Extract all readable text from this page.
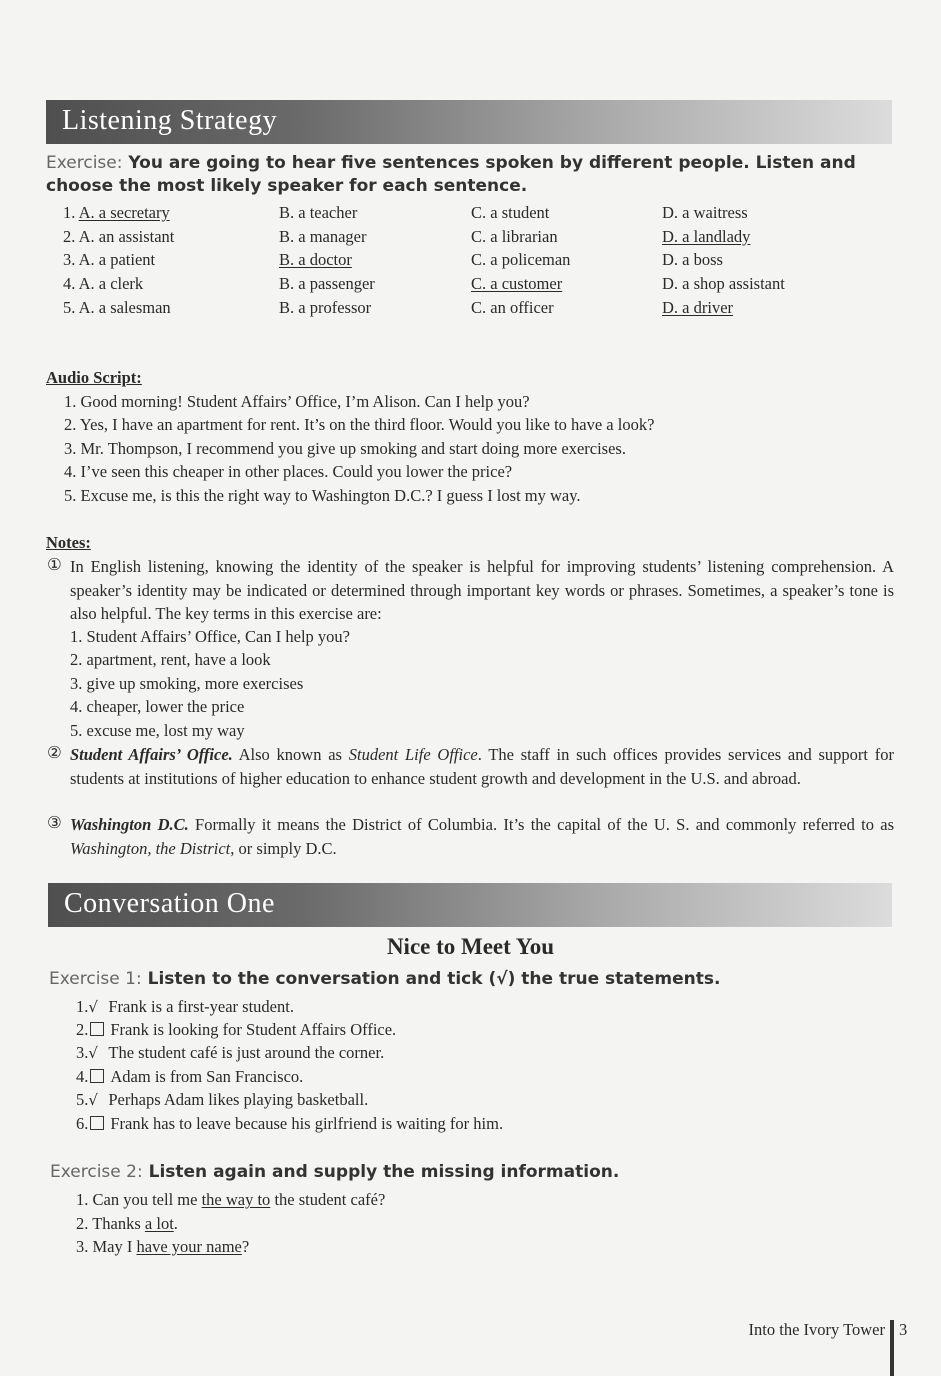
Listening Strategy
Exercise: You are going to hear five sentences spoken by different people. Listen and choose the most likely speaker for each sentence.
1. A. a secretary	B. a teacher	C. a student	D. a waitress
2. A. an assistant	B. a manager	C. a librarian	D. a landlady
3. A. a patient	B. a doctor	C. a policeman	D. a boss
4. A. a clerk	B. a passenger	C. a customer	D. a shop assistant
5. A. a salesman	B. a professor	C. an officer	D. a driver
Audio Script:
1. Good morning! Student Affairs’ Office, I’m Alison. Can I help you?
2. Yes, I have an apartment for rent. It’s on the third floor. Would you like to have a look?
3. Mr. Thompson, I recommend you give up smoking and start doing more exercises.
4. I’ve seen this cheaper in other places. Could you lower the price?
5. Excuse me, is this the right way to Washington D.C.? I guess I lost my way.
Notes:
① In English listening, knowing the identity of the speaker is helpful for improving students’ listening comprehension. A speaker’s identity may be indicated or determined through important key words or phrases. Sometimes, a speaker’s tone is also helpful. The key terms in this exercise are:
1. Student Affairs’ Office, Can I help you?
2. apartment, rent, have a look
3. give up smoking, more exercises
4. cheaper, lower the price
5. excuse me, lost my way
② Student Affairs’ Office. Also known as Student Life Office. The staff in such offices provides services and support for students at institutions of higher education to enhance student growth and development in the U.S. and abroad.
③ Washington D.C. Formally it means the District of Columbia. It’s the capital of the U. S. and commonly referred to as Washington, the District, or simply D.C.
Conversation One
Nice to Meet You
Exercise 1: Listen to the conversation and tick (√) the true statements.
1.√ Frank is a first-year student.
2. Frank is looking for Student Affairs Office.
3.√ The student café is just around the corner.
4. Adam is from San Francisco.
5.√ Perhaps Adam likes playing basketball.
6. Frank has to leave because his girlfriend is waiting for him.
Exercise 2: Listen again and supply the missing information.
1. Can you tell me the way to the student café?
2. Thanks a lot.
3. May I have your name?
Into the Ivory Tower 3
